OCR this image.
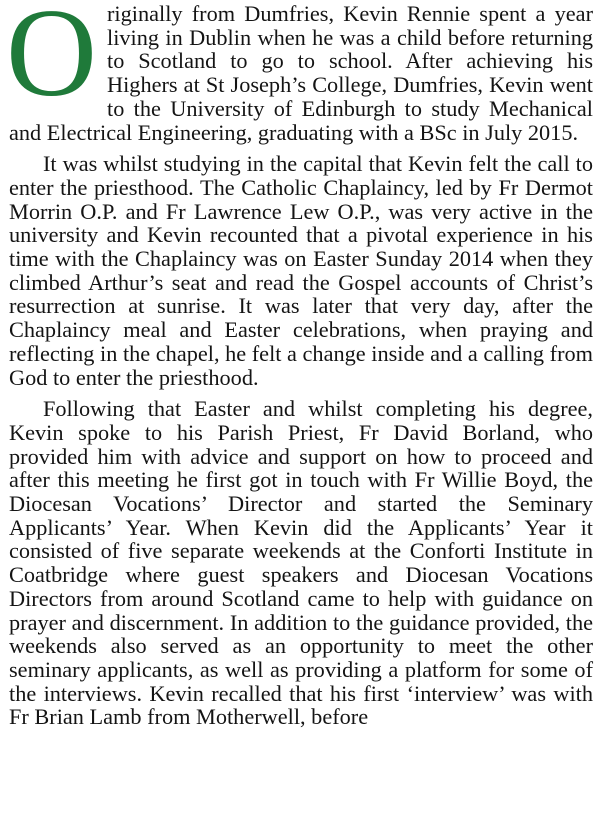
Originally from Dumfries, Kevin Rennie spent a year living in Dublin when he was a child before returning to Scotland to go to school. After achieving his Highers at St Joseph’s College, Dumfries, Kevin went to the University of Edinburgh to study Mechanical and Electrical Engineering, graduating with a BSc in July 2015.

It was whilst studying in the capital that Kevin felt the call to enter the priesthood. The Catholic Chaplaincy, led by Fr Dermot Morrin O.P. and Fr Lawrence Lew O.P., was very active in the university and Kevin recounted that a pivotal experience in his time with the Chaplaincy was on Easter Sunday 2014 when they climbed Arthur’s seat and read the Gospel accounts of Christ’s resurrection at sunrise. It was later that very day, after the Chaplaincy meal and Easter celebrations, when praying and reflecting in the chapel, he felt a change inside and a calling from God to enter the priesthood.

Following that Easter and whilst completing his degree, Kevin spoke to his Parish Priest, Fr David Borland, who provided him with advice and support on how to proceed and after this meeting he first got in touch with Fr Willie Boyd, the Diocesan Vocations’ Director and started the Seminary Applicants’ Year. When Kevin did the Applicants’ Year it consisted of five separate weekends at the Conforti Institute in Coatbridge where guest speakers and Diocesan Vocations Directors from around Scotland came to help with guidance on prayer and discernment. In addition to the guidance provided, the weekends also served as an opportunity to meet the other seminary applicants, as well as providing a platform for some of the interviews. Kevin recalled that his first ‘interview’ was with Fr Brian Lamb from Motherwell, before
